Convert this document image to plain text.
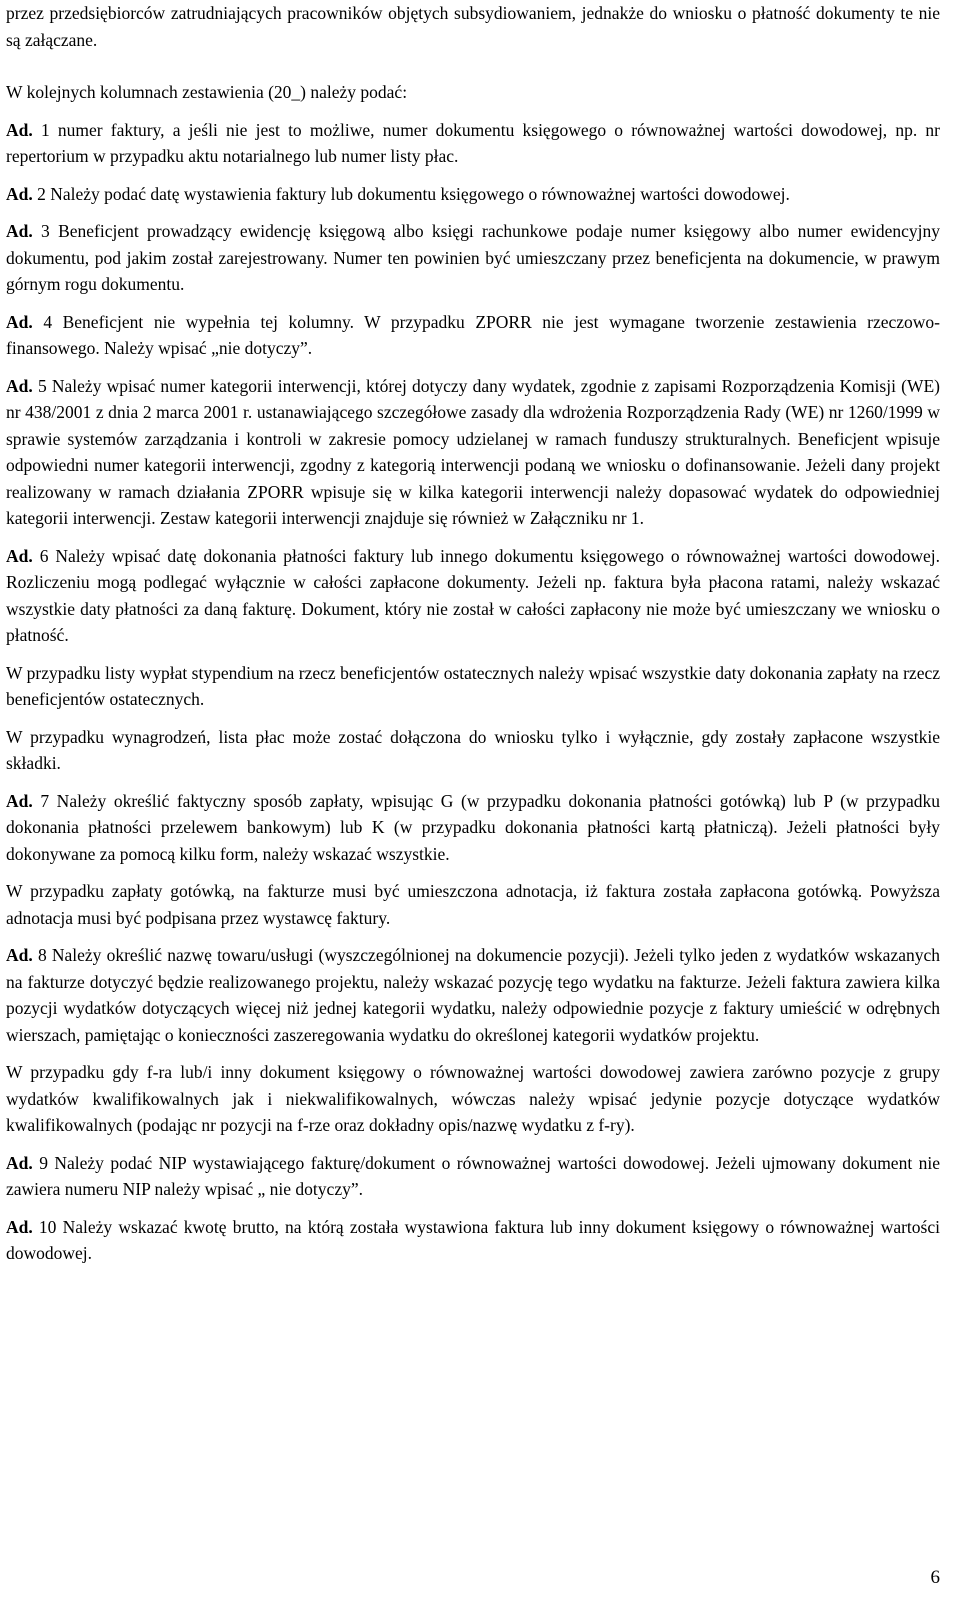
przez przedsiębiorców zatrudniających pracowników objętych subsydiowaniem, jednakże do wniosku o płatność dokumenty te nie są załączane.

W kolejnych kolumnach zestawienia (20_) należy podać:

Ad. 1 numer faktury, a jeśli nie jest to możliwe, numer dokumentu księgowego o równoważnej wartości dowodowej, np. nr repertorium w przypadku aktu notarialnego lub numer listy płac.

Ad. 2 Należy podać datę wystawienia faktury lub dokumentu księgowego o równoważnej wartości dowodowej.

Ad. 3 Beneficjent prowadzący ewidencję księgową albo księgi rachunkowe podaje numer księgowy albo numer ewidencyjny dokumentu, pod jakim został zarejestrowany. Numer ten powinien być umieszczany przez beneficjenta na dokumencie, w prawym górnym rogu dokumentu.

Ad. 4 Beneficjent nie wypełnia tej kolumny. W przypadku ZPORR nie jest wymagane tworzenie zestawienia rzeczowo-finansowego. Należy wpisać „nie dotyczy”.

Ad. 5 Należy wpisać numer kategorii interwencji, której dotyczy dany wydatek, zgodnie z zapisami Rozporządzenia Komisji (WE) nr 438/2001 z dnia 2 marca 2001 r. ustanawiającego szczegółowe zasady dla wdrożenia Rozporządzenia Rady (WE) nr 1260/1999 w sprawie systemów zarządzania i kontroli w zakresie pomocy udzielanej w ramach funduszy strukturalnych. Beneficjent wpisuje odpowiedni numer kategorii interwencji, zgodny z kategorią interwencji podaną we wniosku o dofinansowanie. Jeżeli dany projekt realizowany w ramach działania ZPORR wpisuje się w kilka kategorii interwencji należy dopasować wydatek do odpowiedniej kategorii interwencji. Zestaw kategorii interwencji znajduje się również w Załączniku nr 1.

Ad. 6 Należy wpisać datę dokonania płatności faktury lub innego dokumentu księgowego o równoważnej wartości dowodowej. Rozliczeniu mogą podlegać wyłącznie w całości zapłacone dokumenty. Jeżeli np. faktura była płacona ratami, należy wskazać wszystkie daty płatności za daną fakturę. Dokument, który nie został w całości zapłacony nie może być umieszczany we wniosku o płatność.

W przypadku listy wypłat stypendium na rzecz beneficjentów ostatecznych należy wpisać wszystkie daty dokonania zapłaty na rzecz beneficjentów ostatecznych.

W przypadku wynagrodzeń, lista płac może zostać dołączona do wniosku tylko i wyłącznie, gdy zostały zapłacone wszystkie składki.

Ad. 7 Należy określić faktyczny sposób zapłaty, wpisując G (w przypadku dokonania płatności gotówką) lub P (w przypadku dokonania płatności przelewem bankowym) lub K (w przypadku dokonania płatności kartą płatniczą). Jeżeli płatności były dokonywane za pomocą kilku form, należy wskazać wszystkie.

W przypadku zapłaty gotówką, na fakturze musi być umieszczona adnotacja, iż faktura została zapłacona gotówką. Powyższa adnotacja musi być podpisana przez wystawcę faktury.

Ad. 8 Należy określić nazwę towaru/usługi (wyszczególnionej na dokumencie pozycji). Jeżeli tylko jeden z wydatków wskazanych na fakturze dotyczyć będzie realizowanego projektu, należy wskazać pozycję tego wydatku na fakturze. Jeżeli faktura zawiera kilka pozycji wydatków dotyczących więcej niż jednej kategorii wydatku, należy odpowiednie pozycje z faktury umieścić w odrębnych wierszach, pamiętając o konieczności zaszeregowania wydatku do określonej kategorii wydatków projektu.

W przypadku gdy f-ra lub/i inny dokument księgowy o równoważnej wartości dowodowej zawiera zarówno pozycje z grupy wydatków kwalifikowalnych jak i niekwalifikowalnych, wówczas należy wpisać jedynie pozycje dotyczące wydatków kwalifikowalnych (podając nr pozycji na f-rze oraz dokładny opis/nazwę wydatku z f-ry).

Ad. 9 Należy podać NIP wystawiającego fakturę/dokument o równoważnej wartości dowodowej. Jeżeli ujmowany dokument nie zawiera numeru NIP należy wpisać „ nie dotyczy”.

Ad. 10 Należy wskazać kwotę brutto, na którą została wystawiona faktura lub inny dokument księgowy o równoważnej wartości dowodowej.

6
